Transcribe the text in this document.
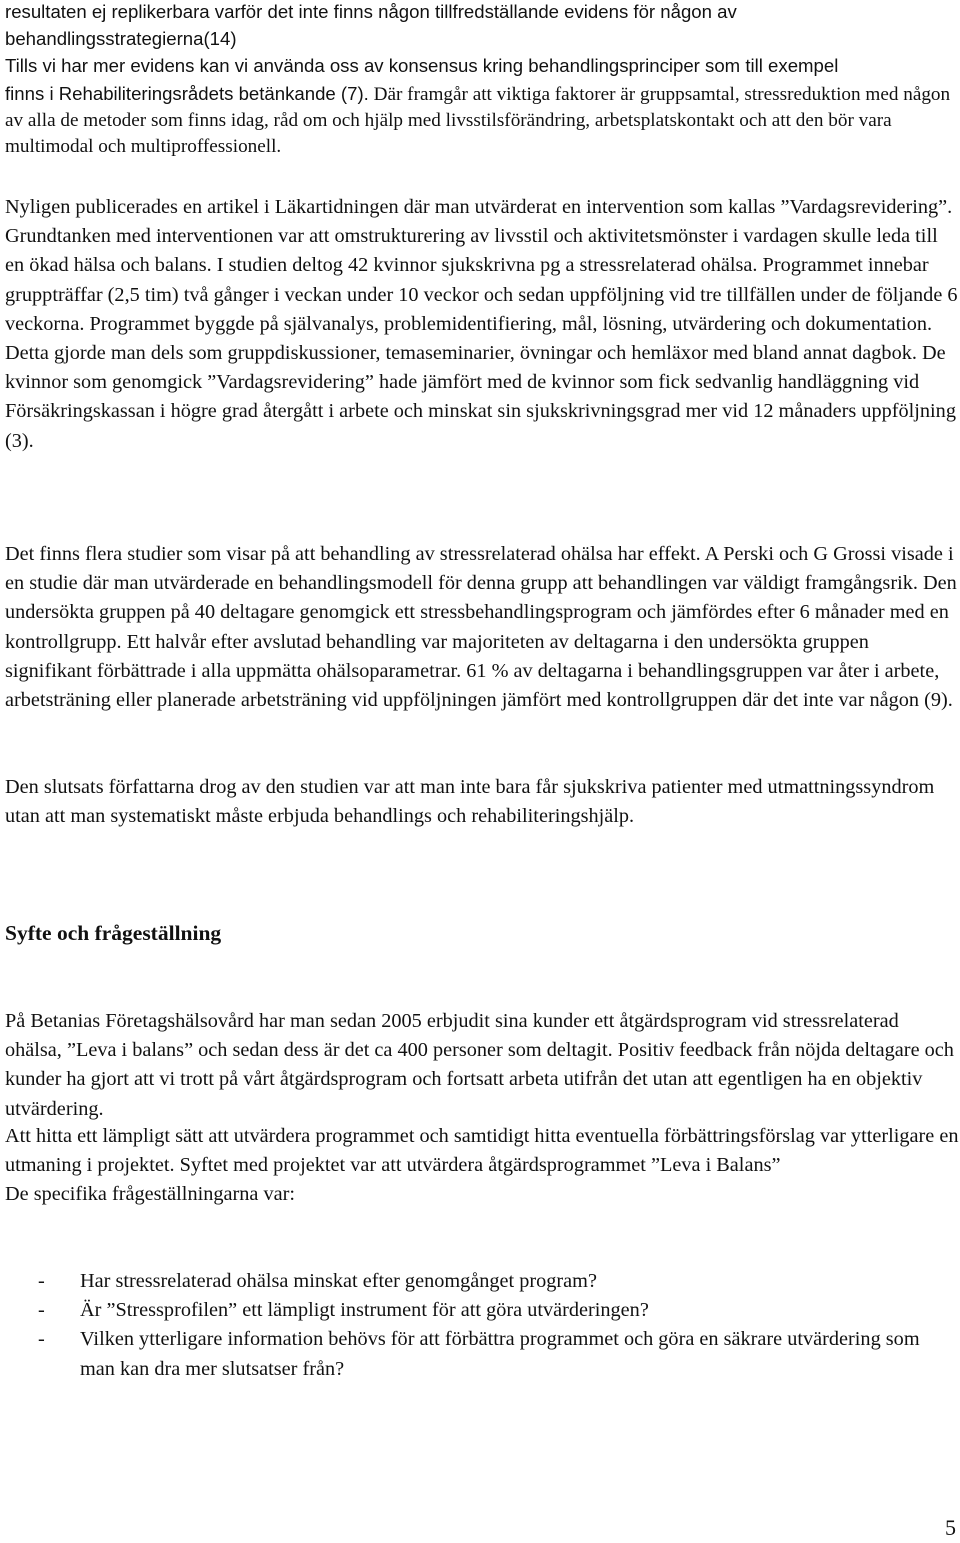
resultaten ej replikerbara varför det inte finns någon tillfredställande evidens för någon av

behandlingsstrategierna(14)

Tills vi har mer evidens kan vi använda oss av konsensus kring behandlingsprinciper som till exempel

finns i Rehabiliteringsrådets betänkande (7). Där framgår att viktiga faktorer är gruppsamtal, stressreduktion med någon av alla de metoder som finns idag, råd om och hjälp med livsstilsförändring, arbetsplatskontakt och att den bör vara multimodal och multiproffessionell.

Nyligen publicerades en artikel i Läkartidningen där man utvärderat en intervention som kallas ”Vardagsrevidering”. Grundtanken med interventionen var att omstrukturering av livsstil och aktivitetsmönster i vardagen skulle leda till en ökad hälsa och balans. I studien deltog 42 kvinnor sjukskrivna pg a stressrelaterad ohälsa. Programmet innebar gruppträffar (2,5 tim) två gånger i veckan under 10 veckor och sedan uppföljning vid tre tillfällen under de följande 6 veckorna. Programmet byggde på självanalys, problemidentifiering, mål, lösning, utvärdering och dokumentation. Detta gjorde man dels som gruppdiskussioner, temaseminarier, övningar och hemläxor med bland annat dagbok. De kvinnor som genomgick ”Vardagsrevidering” hade jämfört med de kvinnor som fick sedvanlig handläggning vid Försäkringskassan i högre grad återgått i arbete och minskat sin sjukskrivningsgrad mer vid 12 månaders uppföljning (3).

Det finns flera studier som visar på att behandling av stressrelaterad ohälsa har effekt. A Perski och G Grossi visade i en studie där man utvärderade en behandlingsmodell för denna grupp att behandlingen var väldigt framgångsrik. Den undersökta gruppen på 40 deltagare genomgick ett stressbehandlingsprogram och jämfördes efter 6 månader med en kontrollgrupp. Ett halvår efter avslutad behandling var majoriteten av deltagarna i den undersökta gruppen signifikant förbättrade i alla uppmätta ohälsoparametrar. 61 % av deltagarna i behandlingsgruppen var åter i arbete, arbetsträning eller planerade arbetsträning vid uppföljningen jämfört med kontrollgruppen där det inte var någon (9).

Den slutsats författarna drog av den studien var att man inte bara får sjukskriva patienter med utmattningssyndrom utan att man systematiskt måste erbjuda behandlings och rehabiliteringshjälp.

Syfte och frågeställning

På Betanias Företagshälsovård har man sedan 2005 erbjudit sina kunder ett åtgärdsprogram vid stressrelaterad ohälsa, ”Leva i balans” och sedan dess är det ca 400 personer som deltagit. Positiv feedback från nöjda deltagare och kunder ha gjort att vi trott på vårt åtgärdsprogram och fortsatt arbeta utifrån det utan att egentligen ha en objektiv utvärdering.

Att hitta ett lämpligt sätt att utvärdera programmet och samtidigt hitta eventuella förbättringsförslag var ytterligare en utmaning i projektet. Syftet med projektet var att utvärdera åtgärdsprogrammet ”Leva i Balans”
De specifika frågeställningarna var:
- Har stressrelaterad ohälsa minskat efter genomgånget program?
- Är ”Stressprofilen” ett lämpligt instrument för att göra utvärderingen?
- Vilken ytterligare information behövs för att förbättra programmet och göra en säkrare utvärdering som man kan dra mer slutsatser från?
5
